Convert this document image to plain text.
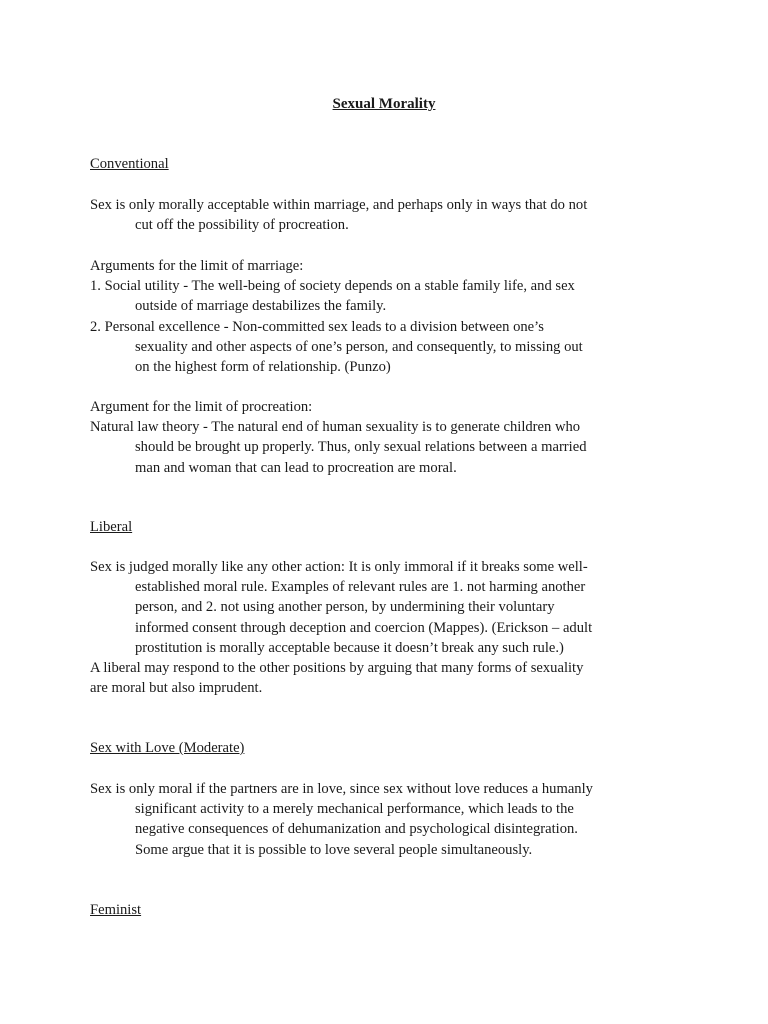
Sexual Morality
Conventional
Sex is only morally acceptable within marriage, and perhaps only in ways that do not
cut off the possibility of procreation.
Arguments for the limit of marriage:
1. Social utility - The well-being of society depends on a stable family life, and sex
outside of marriage destabilizes the family.
2. Personal excellence - Non-committed sex leads to a division between one’s
sexuality and other aspects of one’s person, and consequently, to missing out
on the highest form of relationship. (Punzo)
Argument for the limit of procreation:
Natural law theory - The natural end of human sexuality is to generate children who
should be brought up properly. Thus, only sexual relations between a married
man and woman that can lead to procreation are moral.
Liberal
Sex is judged morally like any other action: It is only immoral if it breaks some well-
established moral rule. Examples of relevant rules are 1. not harming another
person, and 2. not using another person, by undermining their voluntary
informed consent through deception and coercion (Mappes). (Erickson – adult
prostitution is morally acceptable because it doesn’t break any such rule.)
A liberal may respond to the other positions by arguing that many forms of sexuality
are moral but also imprudent.
Sex with Love (Moderate)
Sex is only moral if the partners are in love, since sex without love reduces a humanly
significant activity to a merely mechanical performance, which leads to the
negative consequences of dehumanization and psychological disintegration.
Some argue that it is possible to love several people simultaneously.
Feminist
